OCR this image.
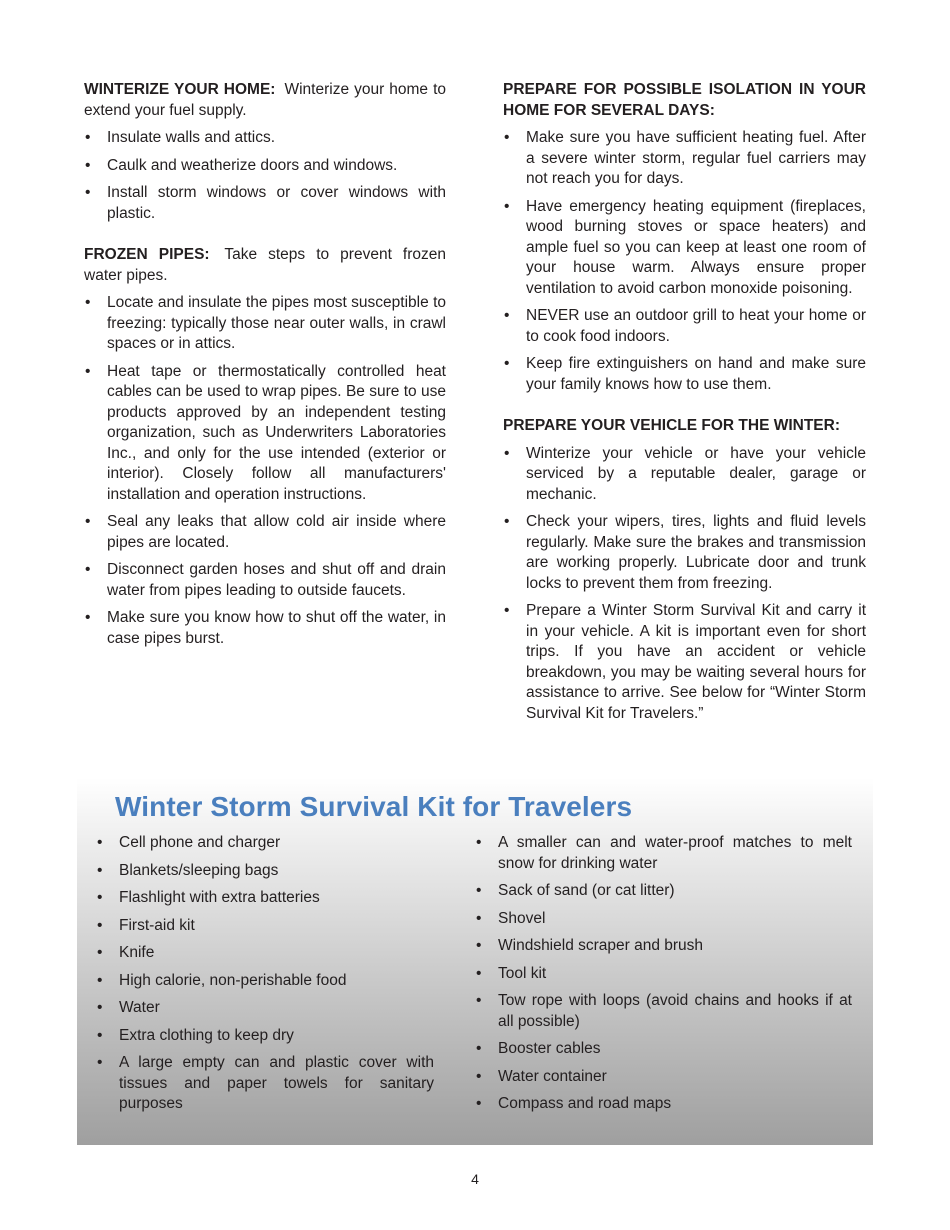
WINTERIZE YOUR HOME: Winterize your home to extend your fuel supply.

• Insulate walls and attics.
• Caulk and weatherize doors and windows.
• Install storm windows or cover windows with plastic.

FROZEN PIPES: Take steps to prevent frozen water pipes.

• Locate and insulate the pipes most susceptible to freezing: typically those near outer walls, in crawl spaces or in attics.
• Heat tape or thermostatically controlled heat cables can be used to wrap pipes. Be sure to use products approved by an independent testing organization, such as Underwriters Laboratories Inc., and only for the use intended (exterior or interior). Closely follow all manufacturers' installation and operation instructions.
• Seal any leaks that allow cold air inside where pipes are located.
• Disconnect garden hoses and shut off and drain water from pipes leading to outside faucets.
• Make sure you know how to shut off the water, in case pipes burst.

PREPARE FOR POSSIBLE ISOLATION IN YOUR HOME FOR SEVERAL DAYS:

• Make sure you have sufficient heating fuel. After a severe winter storm, regular fuel carriers may not reach you for days.
• Have emergency heating equipment (fireplaces, wood burning stoves or space heaters) and ample fuel so you can keep at least one room of your house warm. Always ensure proper ventilation to avoid carbon monoxide poisoning.
• NEVER use an outdoor grill to heat your home or to cook food indoors.
• Keep fire extinguishers on hand and make sure your family knows how to use them.

PREPARE YOUR VEHICLE FOR THE WINTER:

• Winterize your vehicle or have your vehicle serviced by a reputable dealer, garage or mechanic.
• Check your wipers, tires, lights and fluid levels regularly. Make sure the brakes and transmission are working properly. Lubricate door and trunk locks to prevent them from freezing.
• Prepare a Winter Storm Survival Kit and carry it in your vehicle. A kit is important even for short trips. If you have an accident or vehicle breakdown, you may be waiting several hours for assistance to arrive. See below for “Winter Storm Survival Kit for Travelers.”
Winter Storm Survival Kit for Travelers
• Cell phone and charger
• Blankets/sleeping bags
• Flashlight with extra batteries
• First-aid kit
• Knife
• High calorie, non-perishable food
• Water
• Extra clothing to keep dry
• A large empty can and plastic cover with tissues and paper towels for sanitary purposes
• A smaller can and water-proof matches to melt snow for drinking water
• Sack of sand (or cat litter)
• Shovel
• Windshield scraper and brush
• Tool kit
• Tow rope with loops (avoid chains and hooks if at all possible)
• Booster cables
• Water container
• Compass and road maps
4
